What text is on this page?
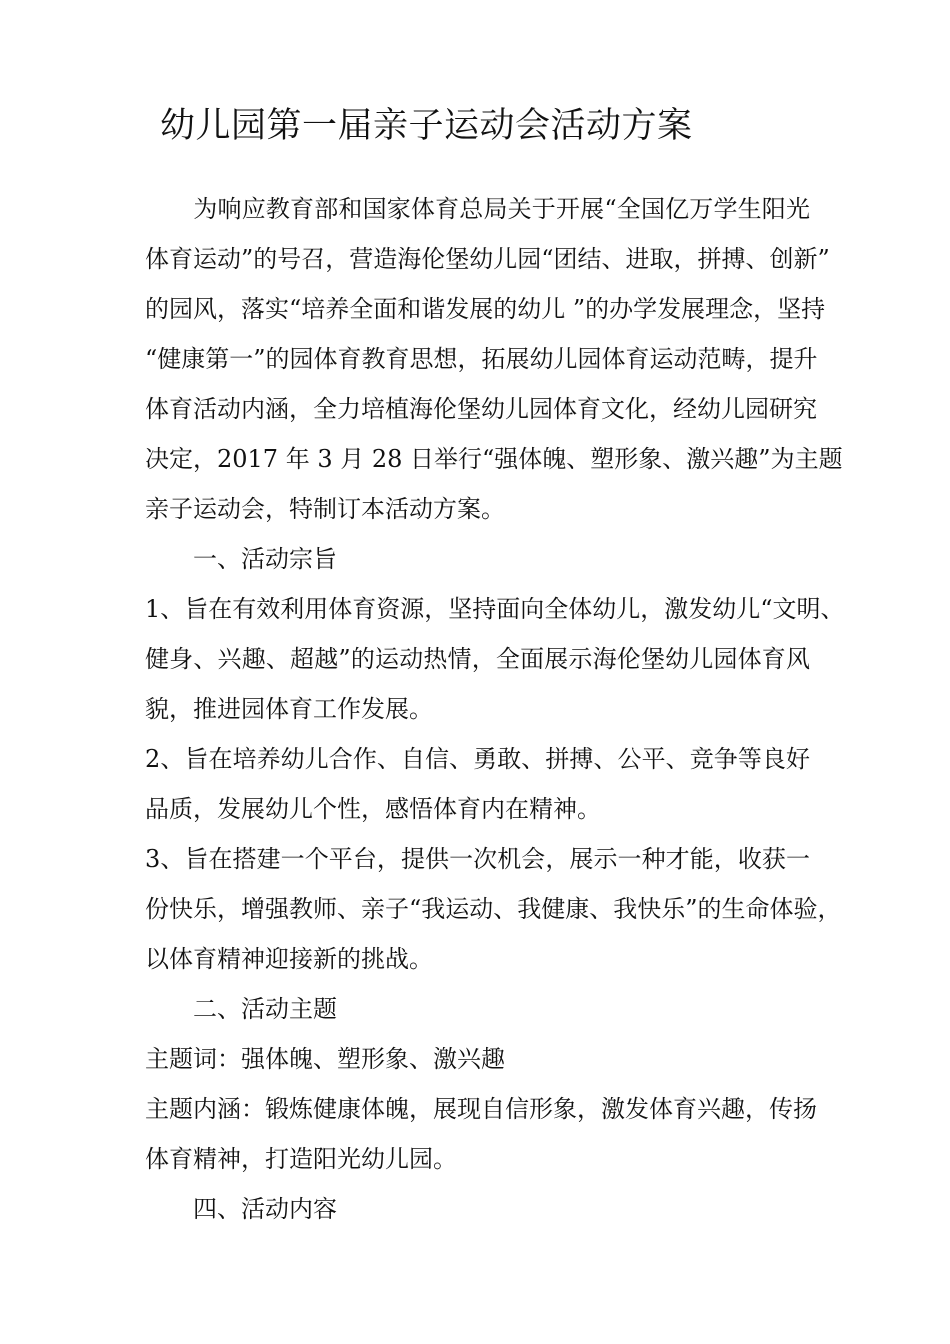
幼儿园第一届亲子运动会活动方案
　　为响应教育部和国家体育总局关于开展“全国亿万学生阳光
体育运动”的号召，营造海伦堡幼儿园“团结、进取，拼搏、创新”
的园风，落实“培养全面和谐发展的幼儿 ”的办学发展理念，坚持
“健康第一”的园体育教育思想，拓展幼儿园体育运动范畴，提升
体育活动内涵，全力培植海伦堡幼儿园体育文化，经幼儿园研究
决定，2017 年 3 月 28 日举行“强体魄、塑形象、激兴趣”为主题
亲子运动会，特制订本活动方案。
一、活动宗旨
1、旨在有效利用体育资源，坚持面向全体幼儿，激发幼儿“文明、
健身、兴趣、超越”的运动热情，全面展示海伦堡幼儿园体育风
貌，推进园体育工作发展。
2、旨在培养幼儿合作、自信、勇敢、拼搏、公平、竞争等良好
品质，发展幼儿个性，感悟体育内在精神。
3、旨在搭建一个平台，提供一次机会，展示一种才能，收获一
份快乐，增强教师、亲子“我运动、我健康、我快乐”的生命体验，
以体育精神迎接新的挑战。
二、活动主题
主题词：强体魄、塑形象、激兴趣
主题内涵：锻炼健康体魄，展现自信形象，激发体育兴趣，传扬
体育精神，打造阳光幼儿园。
四、活动内容
